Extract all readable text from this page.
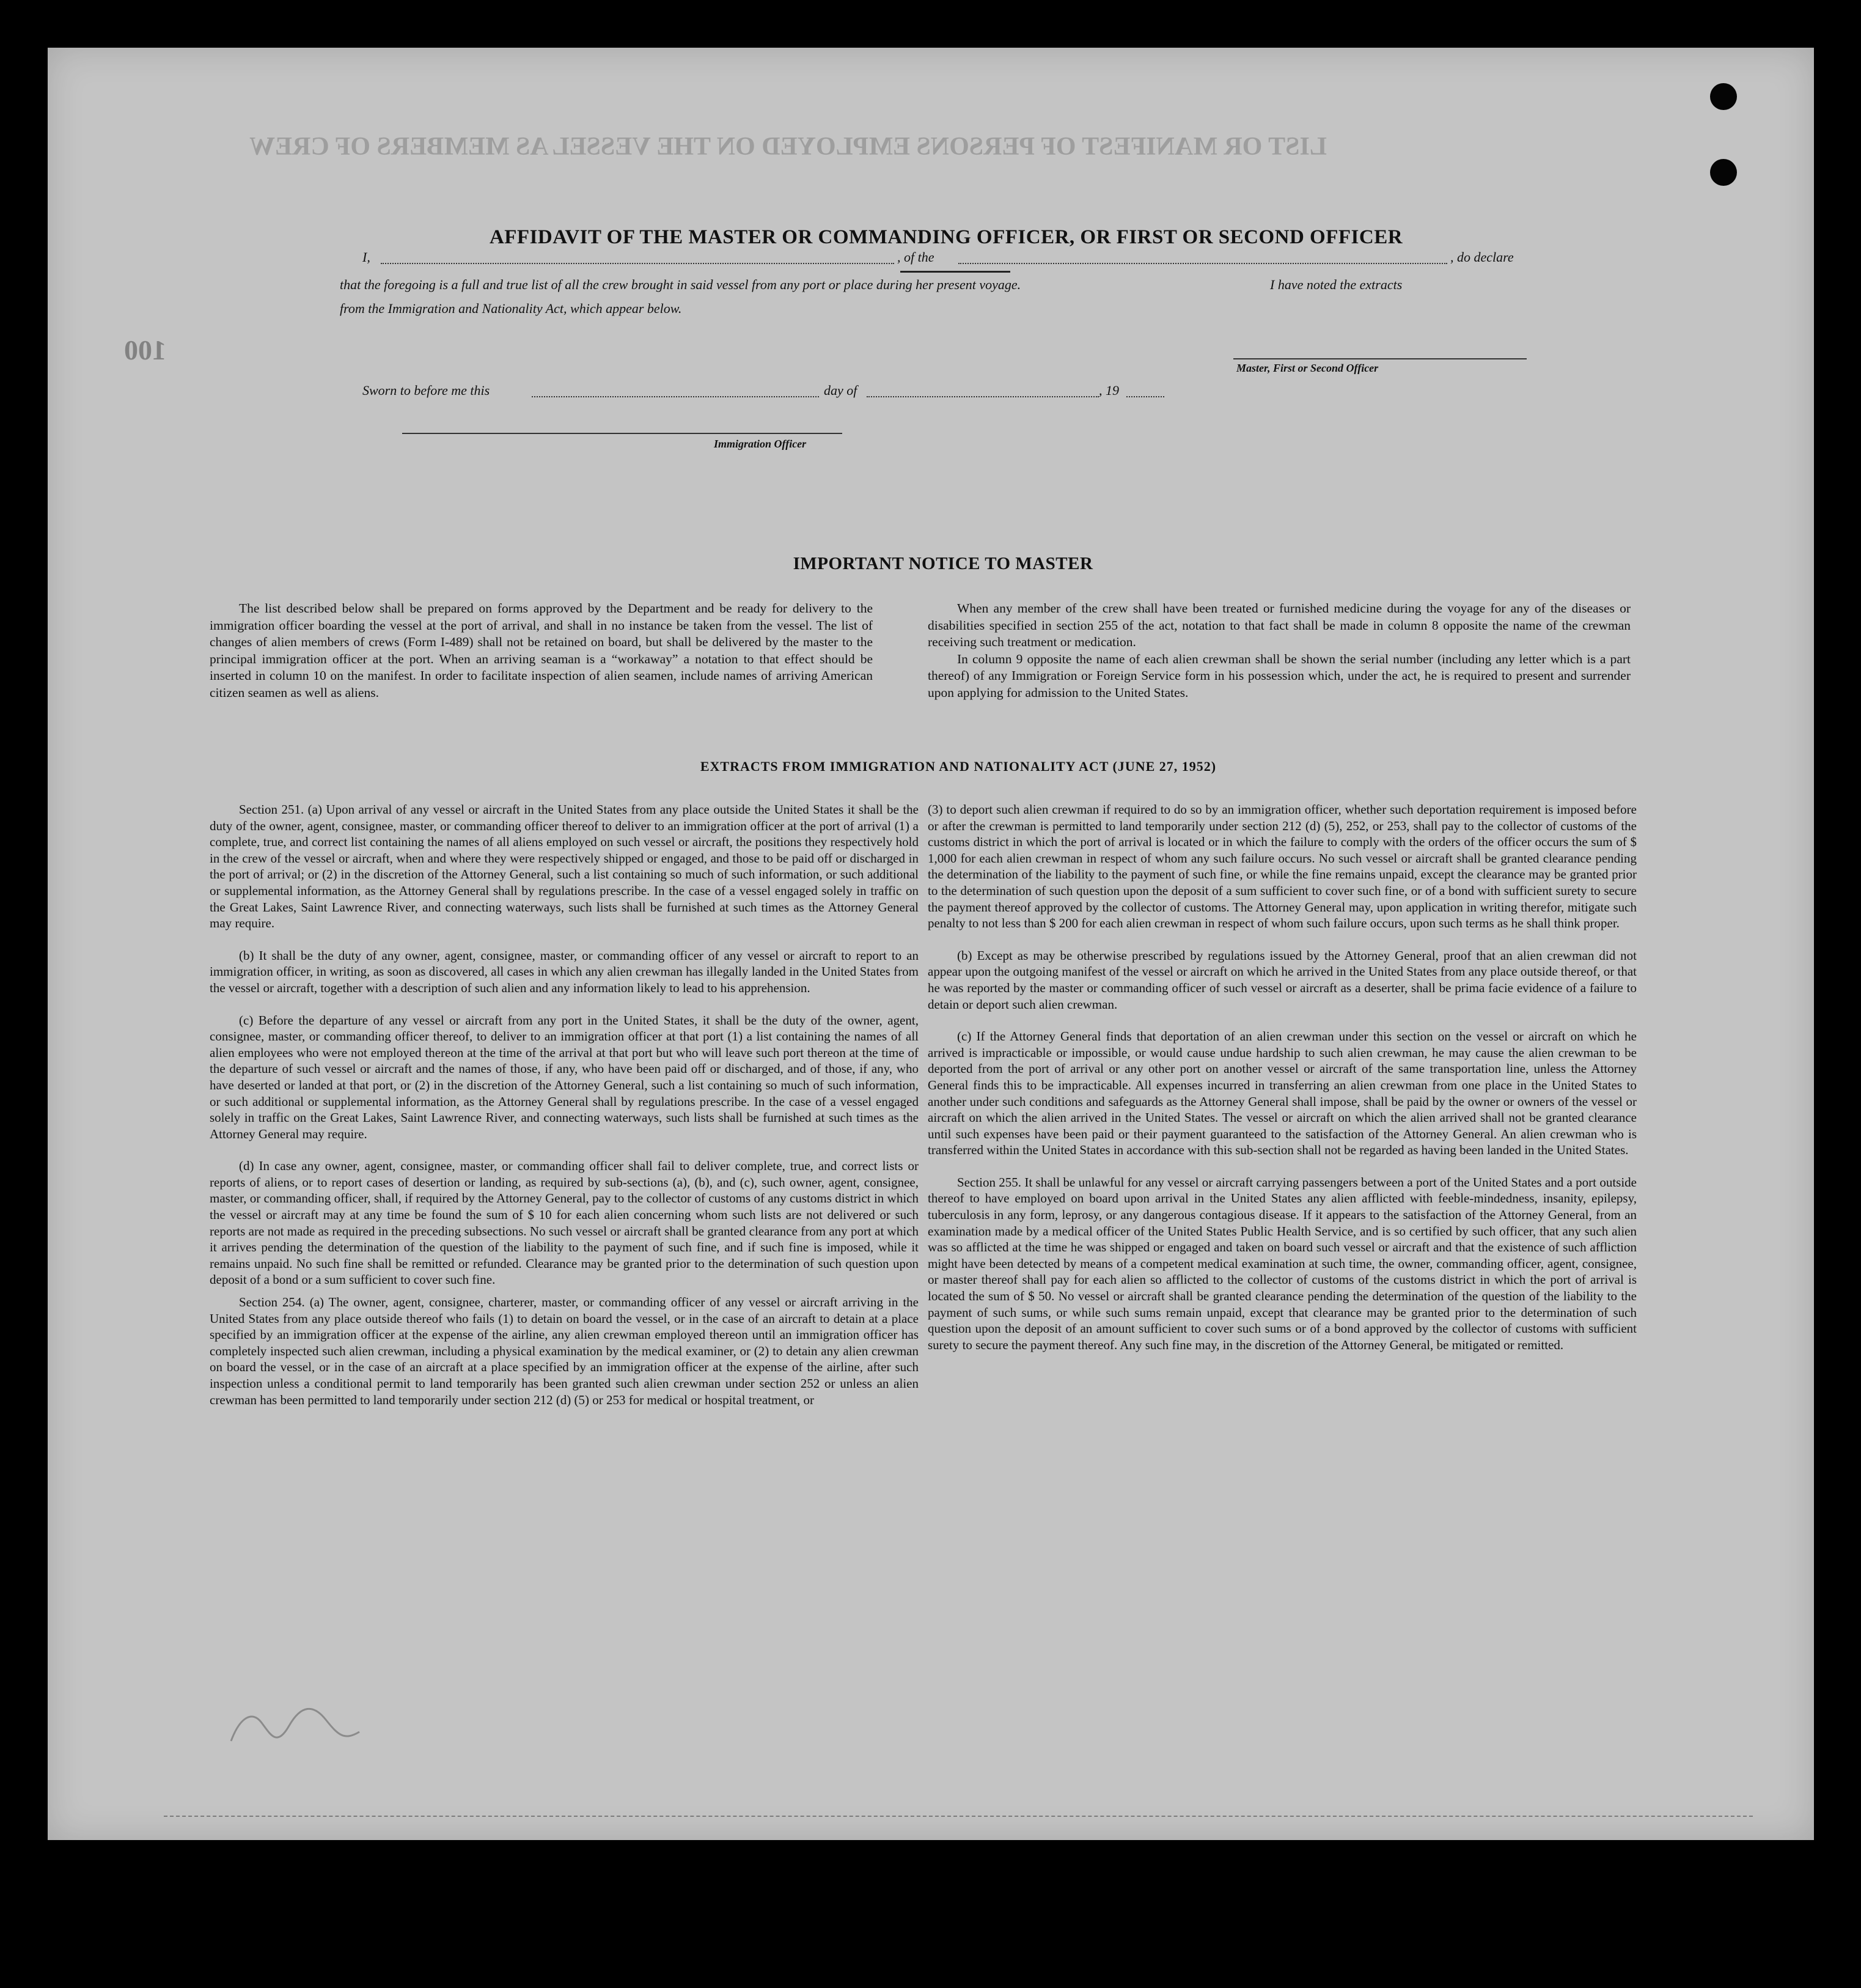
LIST OR MANIFEST OF PERSONS EMPLOYED ON THE VESSEL AS MEMBERS OF CREW
100
AFFIDAVIT OF THE MASTER OR COMMANDING OFFICER, OR FIRST OR SECOND OFFICER
I,	, of the	, do declare
that the foregoing is a full and true list of all the crew brought in said vessel from any port or place during her present voyage.	I have noted the extracts
from the Immigration and Nationality Act, which appear below.
Master, First or Second Officer
Sworn to before me this	day of	, 19
Immigration Officer
IMPORTANT NOTICE TO MASTER

The list described below shall be prepared on forms approved by the Department and be ready for delivery to the immigration officer boarding the vessel at the port of arrival, and shall in no instance be taken from the vessel. The list of changes of alien members of crews (Form I-489) shall not be retained on board, but shall be delivered by the master to the principal immigration officer at the port. When an arriving seaman is a “workaway” a notation to that effect should be inserted in column 10 on the manifest. In order to facilitate inspection of alien seamen, include names of arriving American citizen seamen as well as aliens.

When any member of the crew shall have been treated or furnished medicine during the voyage for any of the diseases or disabilities specified in section 255 of the act, notation to that fact shall be made in column 8 opposite the name of the crewman receiving such treatment or medication.

In column 9 opposite the name of each alien crewman shall be shown the serial number (including any letter which is a part thereof) of any Immigration or Foreign Service form in his possession which, under the act, he is required to present and surrender upon applying for admission to the United States.

EXTRACTS FROM IMMIGRATION AND NATIONALITY ACT (JUNE 27, 1952)

Section 251. (a) Upon arrival of any vessel or aircraft in the United States from any place outside the United States it shall be the duty of the owner, agent, consignee, master, or commanding officer thereof to deliver to an immigration officer at the port of arrival (1) a complete, true, and correct list containing the names of all aliens employed on such vessel or aircraft, the positions they respectively hold in the crew of the vessel or aircraft, when and where they were respectively shipped or engaged, and those to be paid off or discharged in the port of arrival; or (2) in the discretion of the Attorney General, such a list containing so much of such information, or such additional or supplemental information, as the Attorney General shall by regulations prescribe. In the case of a vessel engaged solely in traffic on the Great Lakes, Saint Lawrence River, and connecting waterways, such lists shall be furnished at such times as the Attorney General may require.

(b) It shall be the duty of any owner, agent, consignee, master, or commanding officer of any vessel or aircraft to report to an immigration officer, in writing, as soon as discovered, all cases in which any alien crewman has illegally landed in the United States from the vessel or aircraft, together with a description of such alien and any information likely to lead to his apprehension.

(c) Before the departure of any vessel or aircraft from any port in the United States, it shall be the duty of the owner, agent, consignee, master, or commanding officer thereof, to deliver to an immigration officer at that port (1) a list containing the names of all alien employees who were not employed thereon at the time of the arrival at that port but who will leave such port thereon at the time of the departure of such vessel or aircraft and the names of those, if any, who have been paid off or discharged, and of those, if any, who have deserted or landed at that port, or (2) in the discretion of the Attorney General, such a list containing so much of such information, or such additional or supplemental information, as the Attorney General shall by regulations prescribe. In the case of a vessel engaged solely in traffic on the Great Lakes, Saint Lawrence River, and connecting waterways, such lists shall be furnished at such times as the Attorney General may require.

(d) In case any owner, agent, consignee, master, or commanding officer shall fail to deliver complete, true, and correct lists or reports of aliens, or to report cases of desertion or landing, as required by sub-sections (a), (b), and (c), such owner, agent, consignee, master, or commanding officer, shall, if required by the Attorney General, pay to the collector of customs of any customs district in which the vessel or aircraft may at any time be found the sum of $ 10 for each alien concerning whom such lists are not delivered or such reports are not made as required in the preceding subsections. No such vessel or aircraft shall be granted clearance from any port at which it arrives pending the determination of the question of the liability to the payment of such fine, and if such fine is imposed, while it remains unpaid. No such fine shall be remitted or refunded. Clearance may be granted prior to the determination of such question upon deposit of a bond or a sum sufficient to cover such fine.

Section 254. (a) The owner, agent, consignee, charterer, master, or commanding officer of any vessel or aircraft arriving in the United States from any place outside thereof who fails (1) to detain on board the vessel, or in the case of an aircraft to detain at a place specified by an immigration officer at the expense of the airline, any alien crewman employed thereon until an immigration officer has completely inspected such alien crewman, including a physical examination by the medical examiner, or (2) to detain any alien crewman on board the vessel, or in the case of an aircraft at a place specified by an immigration officer at the expense of the airline, after such inspection unless a conditional permit to land temporarily has been granted such alien crewman under section 252 or unless an alien crewman has been permitted to land temporarily under section 212 (d) (5) or 253 for medical or hospital treatment, or

(3) to deport such alien crewman if required to do so by an immigration officer, whether such deportation requirement is imposed before or after the crewman is permitted to land temporarily under section 212 (d) (5), 252, or 253, shall pay to the collector of customs of the customs district in which the port of arrival is located or in which the failure to comply with the orders of the officer occurs the sum of $ 1,000 for each alien crewman in respect of whom any such failure occurs. No such vessel or aircraft shall be granted clearance pending the determination of the liability to the payment of such fine, or while the fine remains unpaid, except the clearance may be granted prior to the determination of such question upon the deposit of a sum sufficient to cover such fine, or of a bond with sufficient surety to secure the payment thereof approved by the collector of customs. The Attorney General may, upon application in writing therefor, mitigate such penalty to not less than $ 200 for each alien crewman in respect of whom such failure occurs, upon such terms as he shall think proper.

(b) Except as may be otherwise prescribed by regulations issued by the Attorney General, proof that an alien crewman did not appear upon the outgoing manifest of the vessel or aircraft on which he arrived in the United States from any place outside thereof, or that he was reported by the master or commanding officer of such vessel or aircraft as a deserter, shall be prima facie evidence of a failure to detain or deport such alien crewman.

(c) If the Attorney General finds that deportation of an alien crewman under this section on the vessel or aircraft on which he arrived is impracticable or impossible, or would cause undue hardship to such alien crewman, he may cause the alien crewman to be deported from the port of arrival or any other port on another vessel or aircraft of the same transportation line, unless the Attorney General finds this to be impracticable. All expenses incurred in transferring an alien crewman from one place in the United States to another under such conditions and safeguards as the Attorney General shall impose, shall be paid by the owner or owners of the vessel or aircraft on which the alien arrived in the United States. The vessel or aircraft on which the alien arrived shall not be granted clearance until such expenses have been paid or their payment guaranteed to the satisfaction of the Attorney General. An alien crewman who is transferred within the United States in accordance with this sub-section shall not be regarded as having been landed in the United States.

Section 255. It shall be unlawful for any vessel or aircraft carrying passengers between a port of the United States and a port outside thereof to have employed on board upon arrival in the United States any alien afflicted with feeble-mindedness, insanity, epilepsy, tuberculosis in any form, leprosy, or any dangerous contagious disease. If it appears to the satisfaction of the Attorney General, from an examination made by a medical officer of the United States Public Health Service, and is so certified by such officer, that any such alien was so afflicted at the time he was shipped or engaged and taken on board such vessel or aircraft and that the existence of such affliction might have been detected by means of a competent medical examination at such time, the owner, commanding officer, agent, consignee, or master thereof shall pay for each alien so afflicted to the collector of customs of the customs district in which the port of arrival is located the sum of $ 50. No vessel or aircraft shall be granted clearance pending the determination of the question of the liability to the payment of such sums, or while such sums remain unpaid, except that clearance may be granted prior to the determination of such question upon the deposit of an amount sufficient to cover such sums or of a bond approved by the collector of customs with sufficient surety to secure the payment thereof. Any such fine may, in the discretion of the Attorney General, be mitigated or remitted.
